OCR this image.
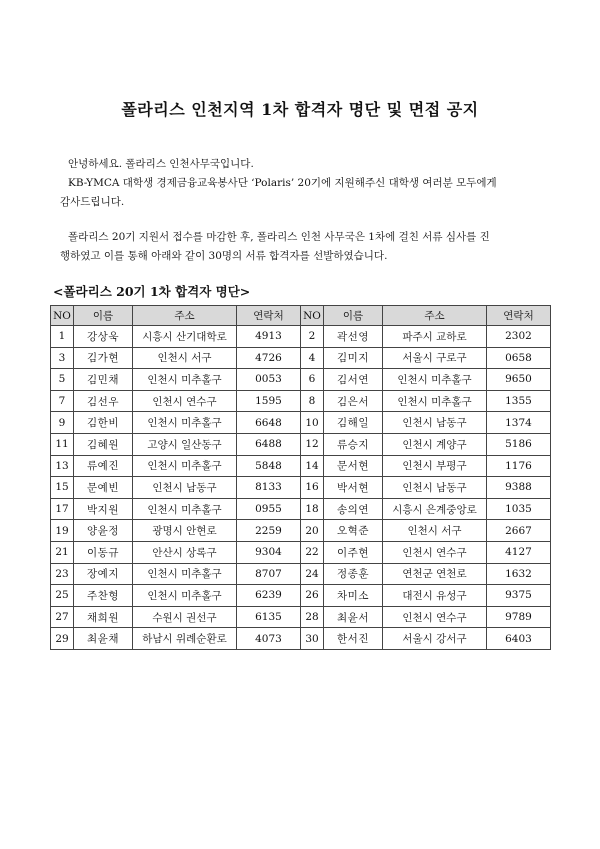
폴라리스 인천지역 1차 합격자 명단 및 면접 공지
안녕하세요. 폴라리스 인천사무국입니다.
KB-YMCA 대학생 경제금융교육봉사단 ‘Polaris’ 20기에 지원해주신 대학생 여러분 모두에게
감사드립니다.
폴라리스 20기 지원서 접수를 마감한 후, 폴라리스 인천 사무국은 1차에 걸친 서류 심사를 진
행하였고 이를 통해 아래와 같이 30명의 서류 합격자를 선발하였습니다.
<폴라리스 20기 1차 합격자 명단>
NO	이름	주소	연락처	NO	이름	주소	연락처
1	강상욱	시흥시 산기대학로	4913	2	곽선영	파주시 교하로	2302
3	김가현	인천시 서구	4726	4	김미지	서울시 구로구	0658
5	김민채	인천시 미추홀구	0053	6	김서연	인천시 미추홀구	9650
7	김선우	인천시 연수구	1595	8	김은서	인천시 미추홀구	1355
9	김한비	인천시 미추홀구	6648	10	김해일	인천시 남동구	1374
11	김혜원	고양시 일산동구	6488	12	류승지	인천시 계양구	5186
13	류예진	인천시 미추홀구	5848	14	문서현	인천시 부평구	1176
15	문예빈	인천시 남동구	8133	16	박서현	인천시 남동구	9388
17	박지원	인천시 미추홀구	0955	18	송의연	시흥시 은계중앙로	1035
19	양윤정	광명시 안현로	2259	20	오혁준	인천시 서구	2667
21	이동규	안산시 상록구	9304	22	이주현	인천시 연수구	4127
23	장예지	인천시 미추홀구	8707	24	정종훈	연천군 연천로	1632
25	주찬형	인천시 미추홀구	6239	26	차미소	대전시 유성구	9375
27	채희원	수원시 권선구	6135	28	최윤서	인천시 연수구	9789
29	최윤채	하남시 위례순환로	4073	30	한서진	서울시 강서구	6403
